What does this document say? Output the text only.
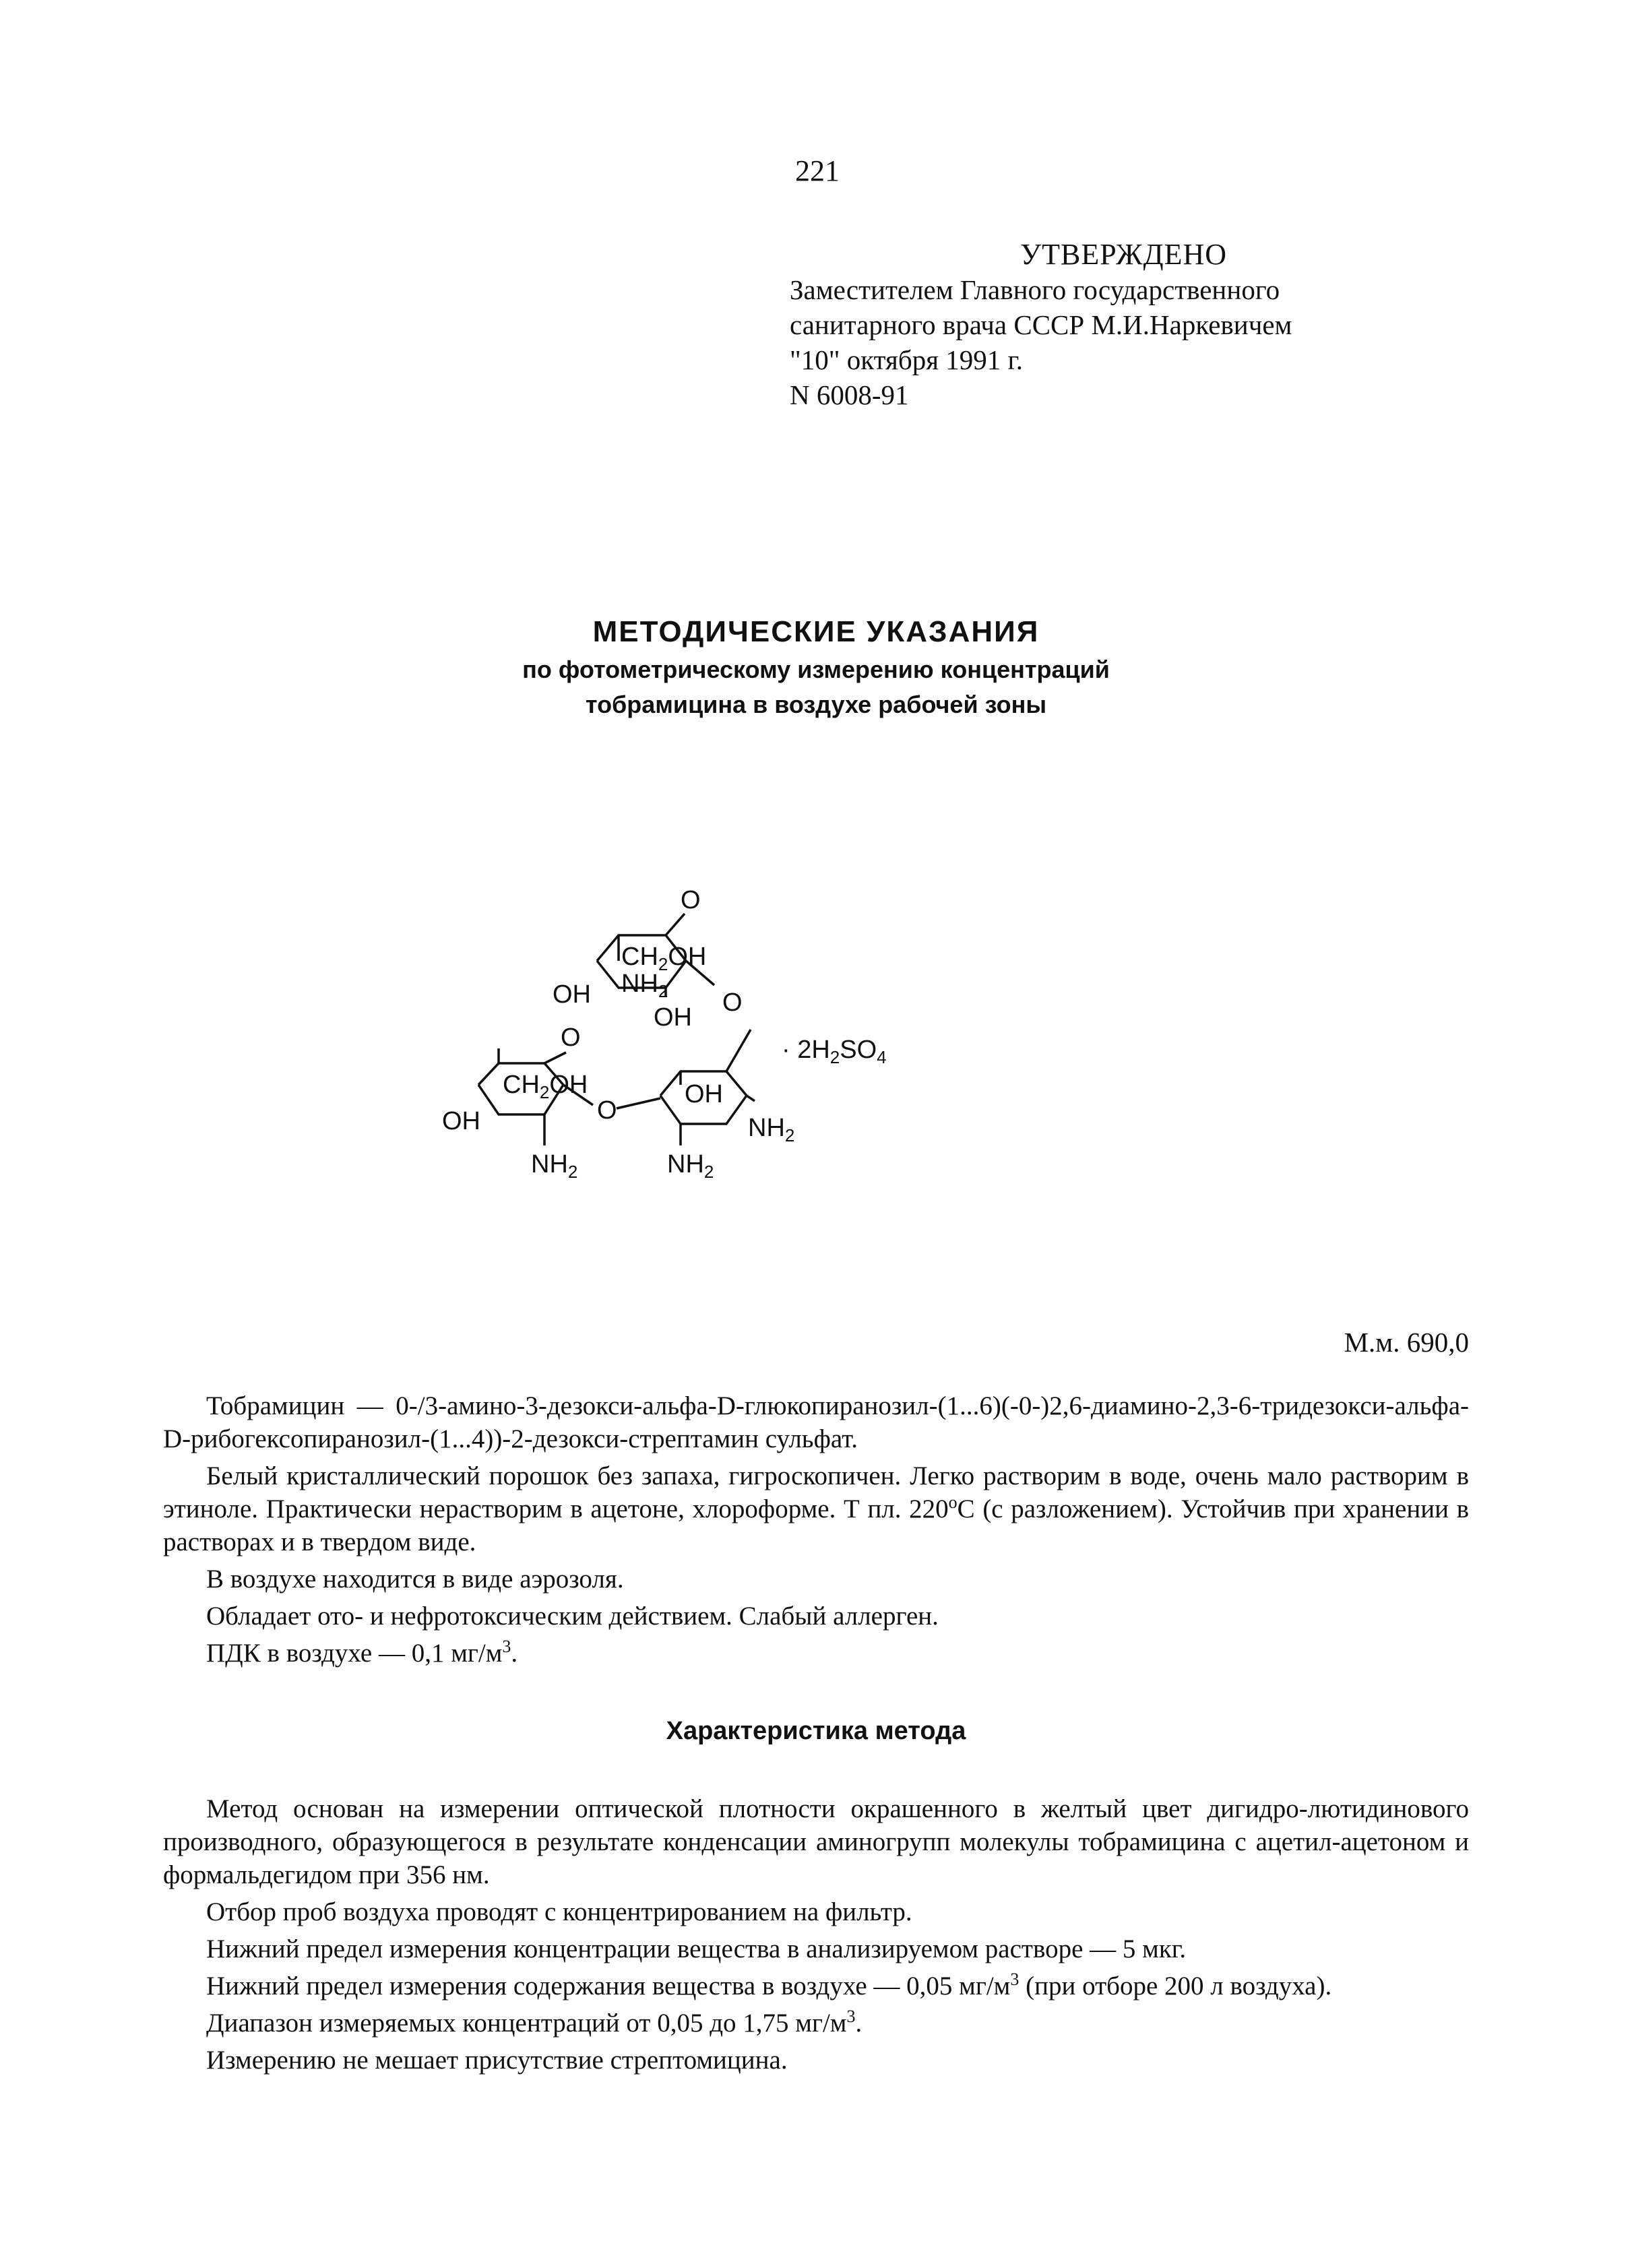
221
УТВЕРЖДЕНО
Заместителем Главного государственного
санитарного врача СССР М.И.Наркевичем
"10" октября 1991 г.
N 6008-91
МЕТОДИЧЕСКИЕ УКАЗАНИЯ
по фотометрическому измерению концентраций
тобрамицина в воздухе рабочей зоны
O
$CH_2OH$
$NH_2$
OH
OH
O
· $2H_2SO_4$
O
$CH_2OH$
OH
$NH_2$
O
OH
$NH_2$
$NH_2$
М.м. 690,0

Тобрамицин — 0-/3-амино-3-дезокси-альфа-D-глюкопиранозил-(1...6)(-0-)2,6-диамино-2,3-6-тридезокси-альфа-D-рибогексопиранозил-(1...4))-2-дезокси-стрептамин сульфат.

Белый кристаллический порошок без запаха, гигроскопичен. Легко растворим в воде, очень мало растворим в этиноле. Практически нерастворим в ацетоне, хлороформе. Т пл. 220$^o$С (с разложением). Устойчив при хранении в растворах и в твердом виде.

В воздухе находится в виде аэрозоля.

Обладает ото- и нефротоксическим действием. Слабый аллерген.

ПДК в воздухе — 0,1 $мг/м^3$.

Характеристика метода

Метод основан на измерении оптической плотности окрашенного в желтый цвет дигидро-лютидинового производного, образующегося в результате конденсации аминогрупп молекулы тобрамицина с ацетил-ацетоном и формальдегидом при 356 нм.

Отбор проб воздуха проводят с концентрированием на фильтр.

Нижний предел измерения концентрации вещества в анализируемом растворе — 5 мкг.

Нижний предел измерения содержания вещества в воздухе — 0,05 $мг/м^3$ (при отборе 200 л воздуха).

Диапазон измеряемых концентраций от 0,05 до 1,75 $мг/м^3$.

Измерению не мешает присутствие стрептомицина.
